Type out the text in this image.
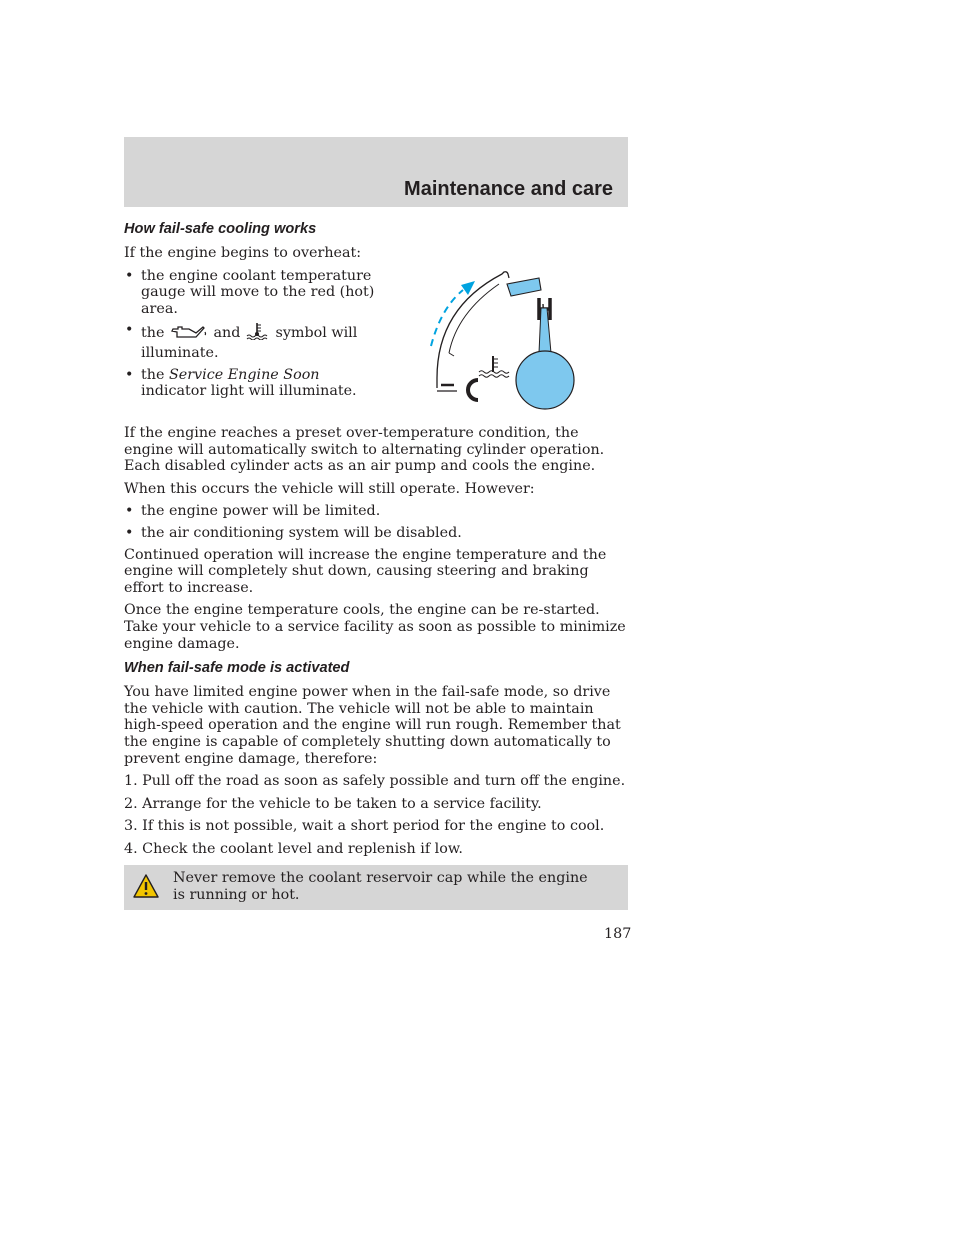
Maintenance and care
How fail-safe cooling works
If the engine begins to overheat:
• the engine coolant temperature gauge will move to the red (hot) area.
• the	and symbol will illuminate.
• the Service Engine Soon indicator light will illuminate.
If the engine reaches a preset over-temperature condition, the engine will automatically switch to alternating cylinder operation. Each disabled cylinder acts as an air pump and cools the engine.
When this occurs the vehicle will still operate. However:
• the engine power will be limited.
• the air conditioning system will be disabled.
Continued operation will increase the engine temperature and the engine will completely shut down, causing steering and braking effort to increase.
Once the engine temperature cools, the engine can be re-started. Take your vehicle to a service facility as soon as possible to minimize engine damage.
When fail-safe mode is activated
You have limited engine power when in the fail-safe mode, so drive the vehicle with caution. The vehicle will not be able to maintain high-speed operation and the engine will run rough. Remember that the engine is capable of completely shutting down automatically to prevent engine damage, therefore:
1. Pull off the road as soon as safely possible and turn off the engine.
2. Arrange for the vehicle to be taken to a service facility.
3. If this is not possible, wait a short period for the engine to cool.
4. Check the coolant level and replenish if low.
Never remove the coolant reservoir cap while the engine is running or hot.
187
